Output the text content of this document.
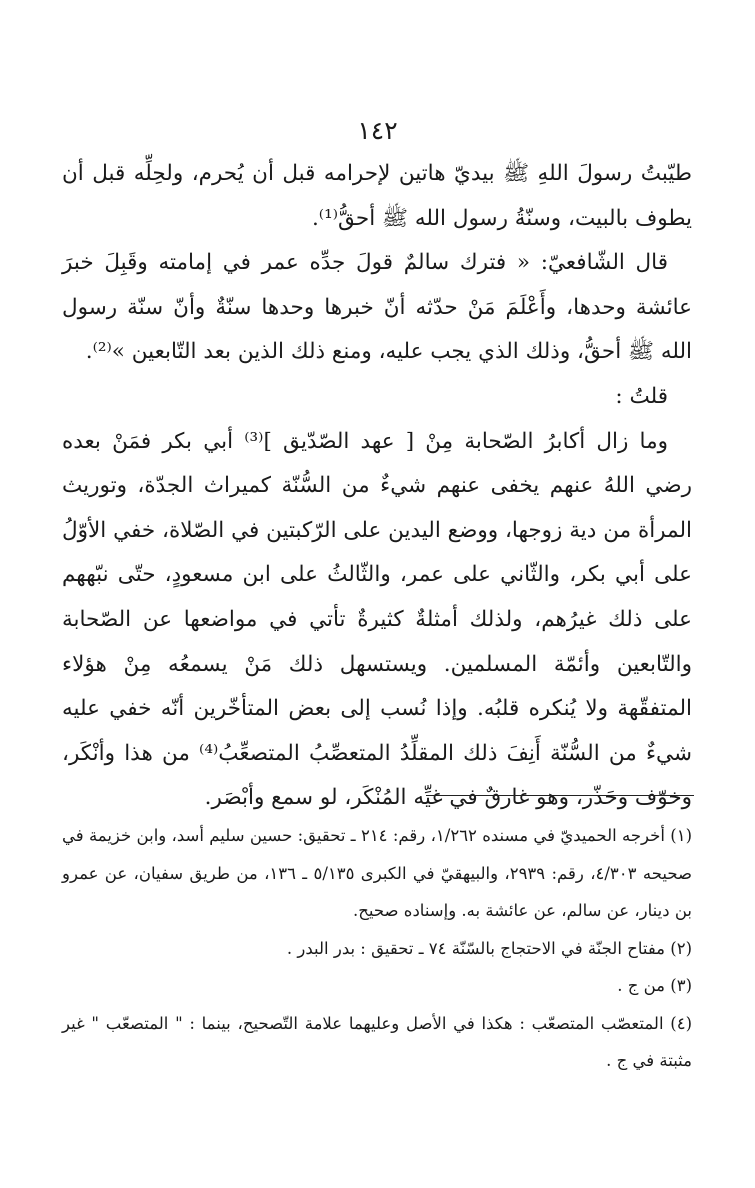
١٤٢

طيّبتُ رسولَ اللهِ ﷺ بيديّ هاتين لإحرامه قبل أن يُحرم، ولحِلِّه قبل أن يطوف بالبيت، وسنّةُ رسول الله ﷺ أحقُّ⁽¹⁾.

قال الشّافعيّ: « فترك سالمٌ قولَ جدِّه عمر في إمامته وقَبِلَ خبرَ عائشة وحدها، وأَعْلَمَ مَنْ حدّثه أنّ خبرها وحدها سنّةٌ وأنّ سنّة رسول الله ﷺ أحقُّ، وذلك الذي يجب عليه، ومنع ذلك الذين بعد التّابعين »⁽²⁾.

قلتُ :

وما زال أكابرُ الصّحابة مِنْ [ عهد الصّدّيق ]⁽³⁾ أبي بكر فمَنْ بعده رضي اللهُ عنهم يخفى عنهم شيءٌ من السُّنّة كميراث الجدّة، وتوريث المرأة من دية زوجها، ووضع اليدين على الرّكبتين في الصّلاة، خفي الأوّلُ على أبي بكر، والثّاني على عمر، والثّالثُ على ابن مسعودٍ، حتّى نبّههم على ذلك غيرُهم، ولذلك أمثلةٌ كثيرةٌ تأتي في مواضعها عن الصّحابة والتّابعين وأئمّة المسلمين. ويستسهل ذلك مَنْ يسمعُه مِنْ هؤلاء المتفقّهة ولا يُنكره قلبُه. وإذا نُسب إلى بعض المتأخّرين أنّه خفي عليه شيءٌ من السُّنّة أَنِفَ ذلك المقلِّدُ المتعصِّبُ المتصعِّبُ⁽⁴⁾ من هذا وأنْكَر، وخوّف وحَذّر، وهو غارقٌ في غيِّه المُنْكَر، لو سمع وأبْصَر.

(١) أخرجه الحميديّ في مسنده ١/٢٦٢، رقم: ٢١٤ ـ تحقيق: حسين سليم أسد، وابن خزيمة في صحيحه ٤/٣٠٣، رقم: ٢٩٣٩، والبيهقيّ في الكبرى ٥/١٣٥ ـ ١٣٦، من طريق سفيان، عن عمرو بن دينار، عن سالم، عن عائشة به. وإسناده صحيح.

(٢) مفتاح الجنّة في الاحتجاج بالسّنّة ٧٤ ـ تحقيق : بدر البدر .

(٣) من ج .

(٤) المتعصّب المتصعّب : هكذا في الأصل وعليهما علامة التّصحيح، بينما : " المتصعّب " غير مثبتة في ج .
